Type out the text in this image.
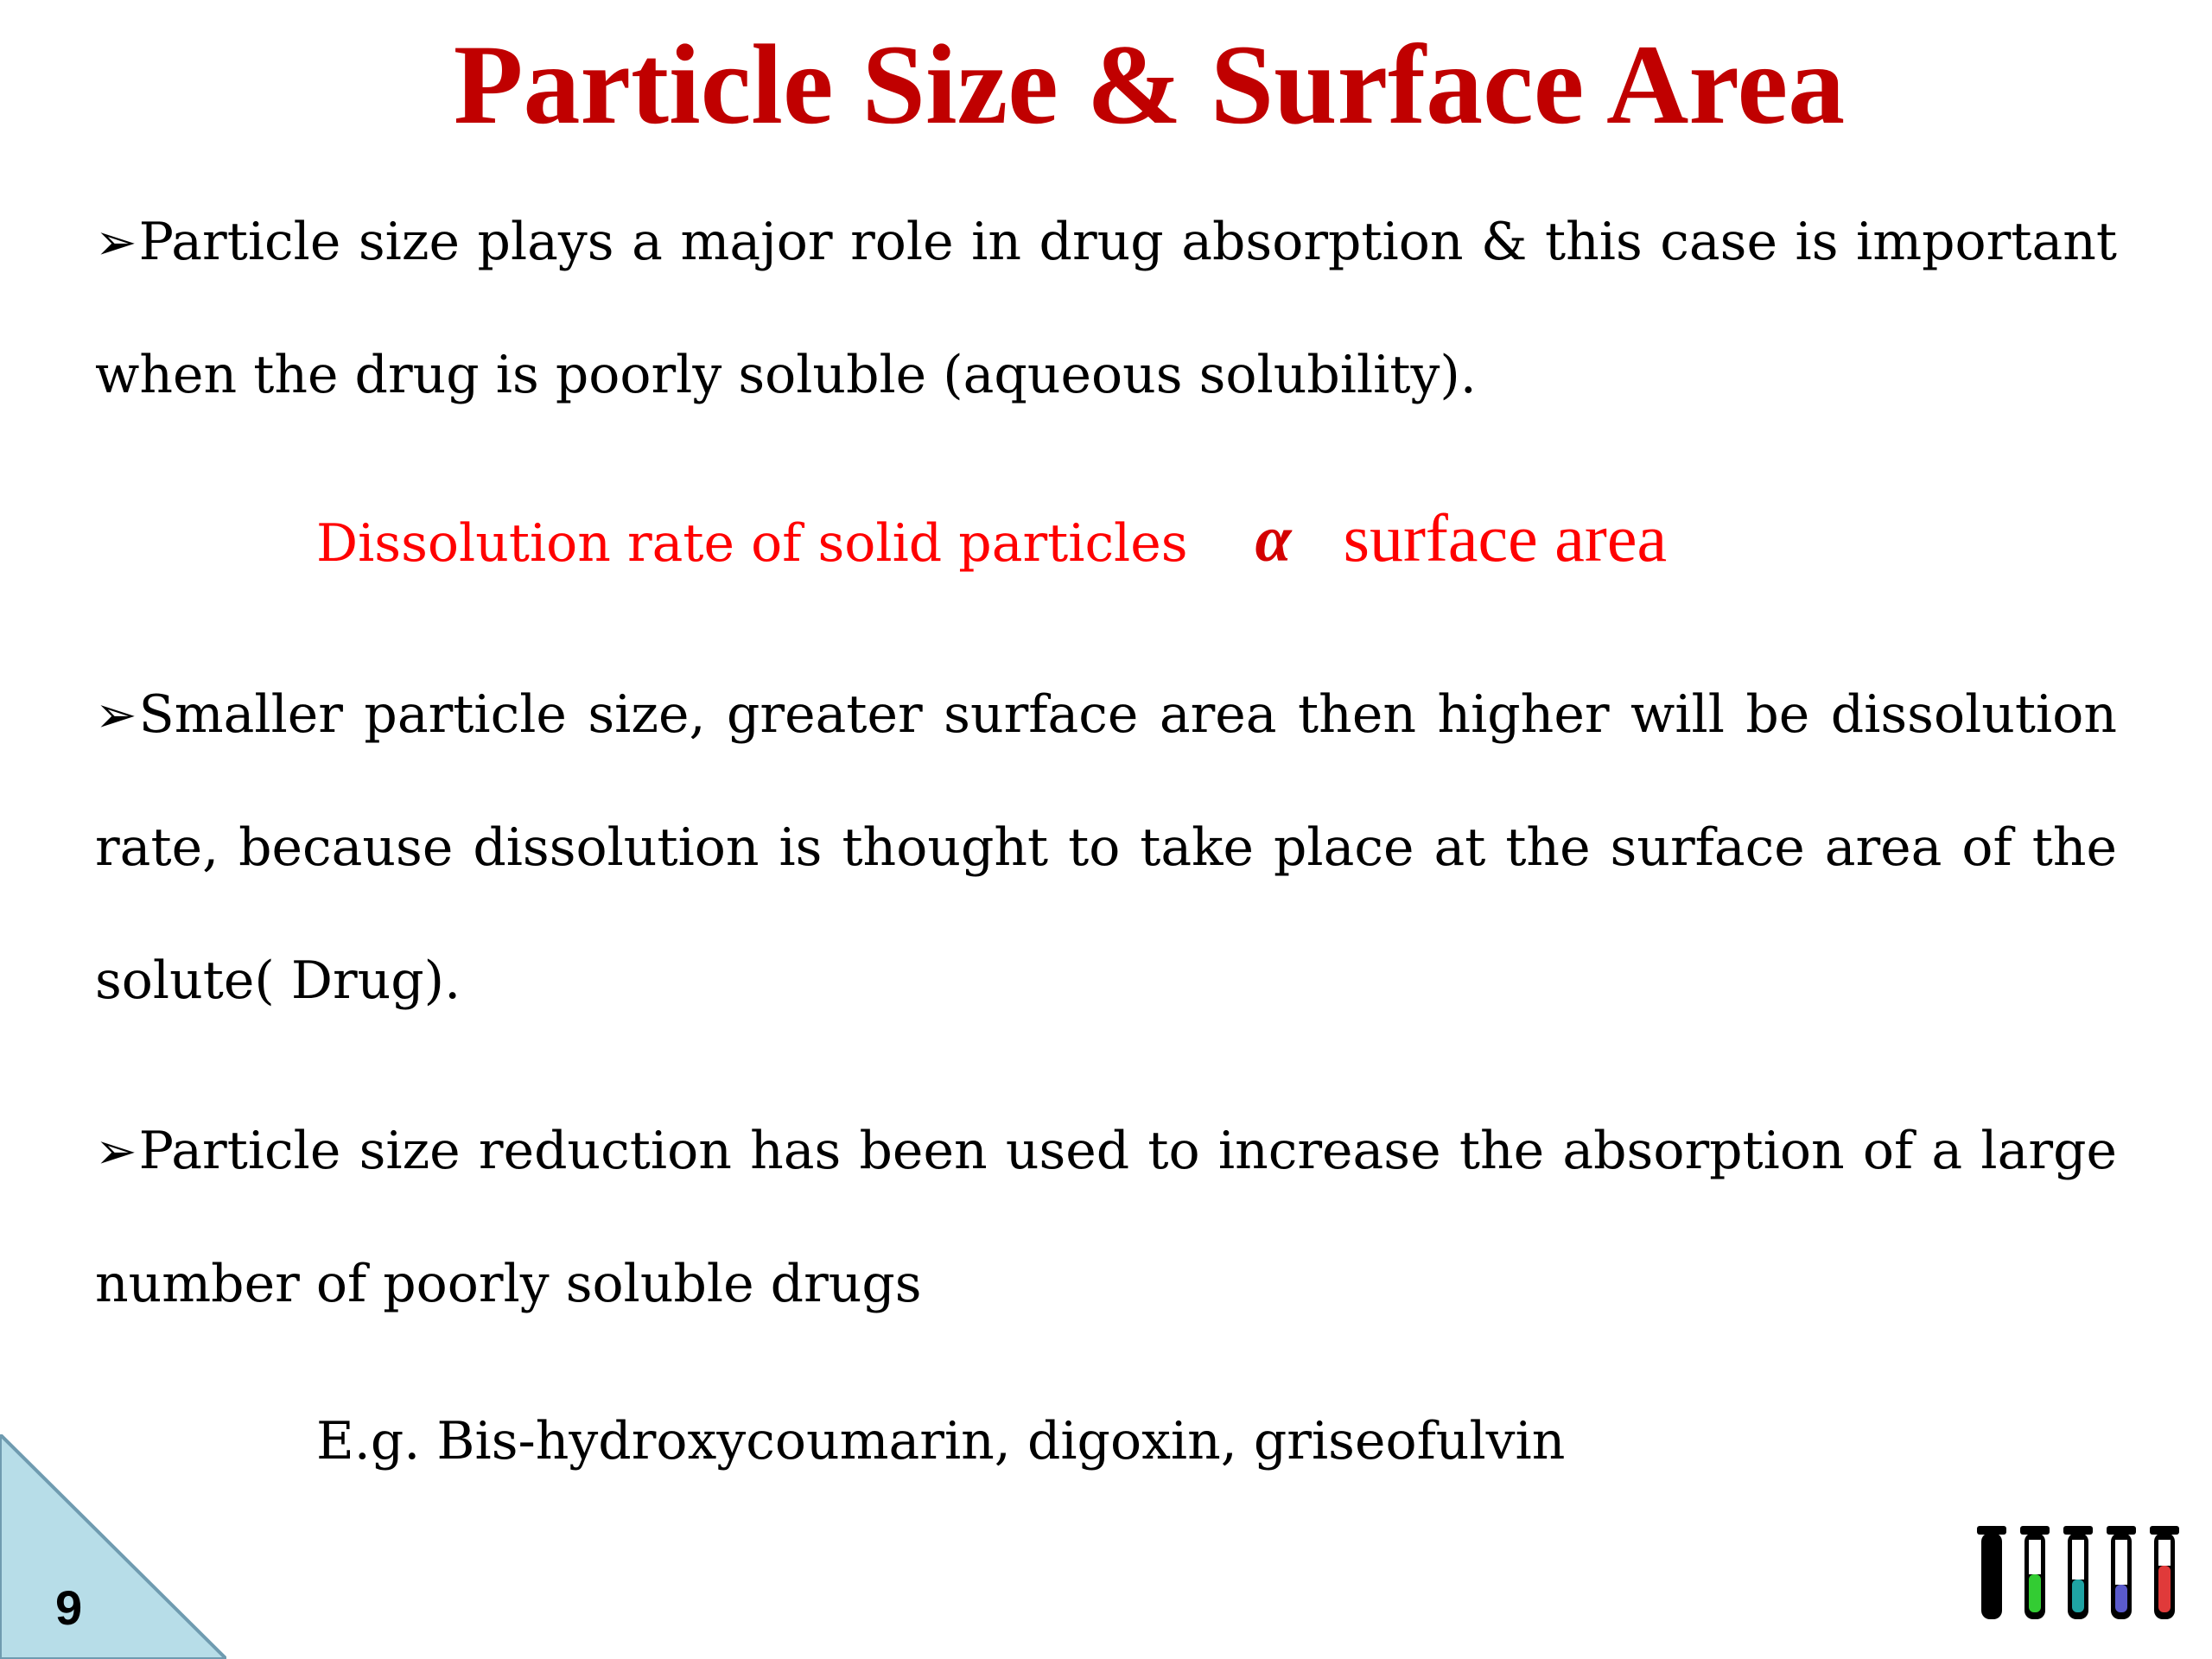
Particle Size & Surface Area

➢Particle size plays a major role in drug absorption & this case is important when the drug is poorly soluble (aqueous solubility).

Dissolution rate of solid particles α surface area

➢Smaller particle size, greater surface area then higher will be dissolution rate, because dissolution is thought to take place at the surface area of the solute( Drug).

➢Particle size reduction has been used to increase the absorption of a large number of poorly soluble drugs

E.g. Bis-hydroxycoumarin, digoxin, griseofulvin
9
